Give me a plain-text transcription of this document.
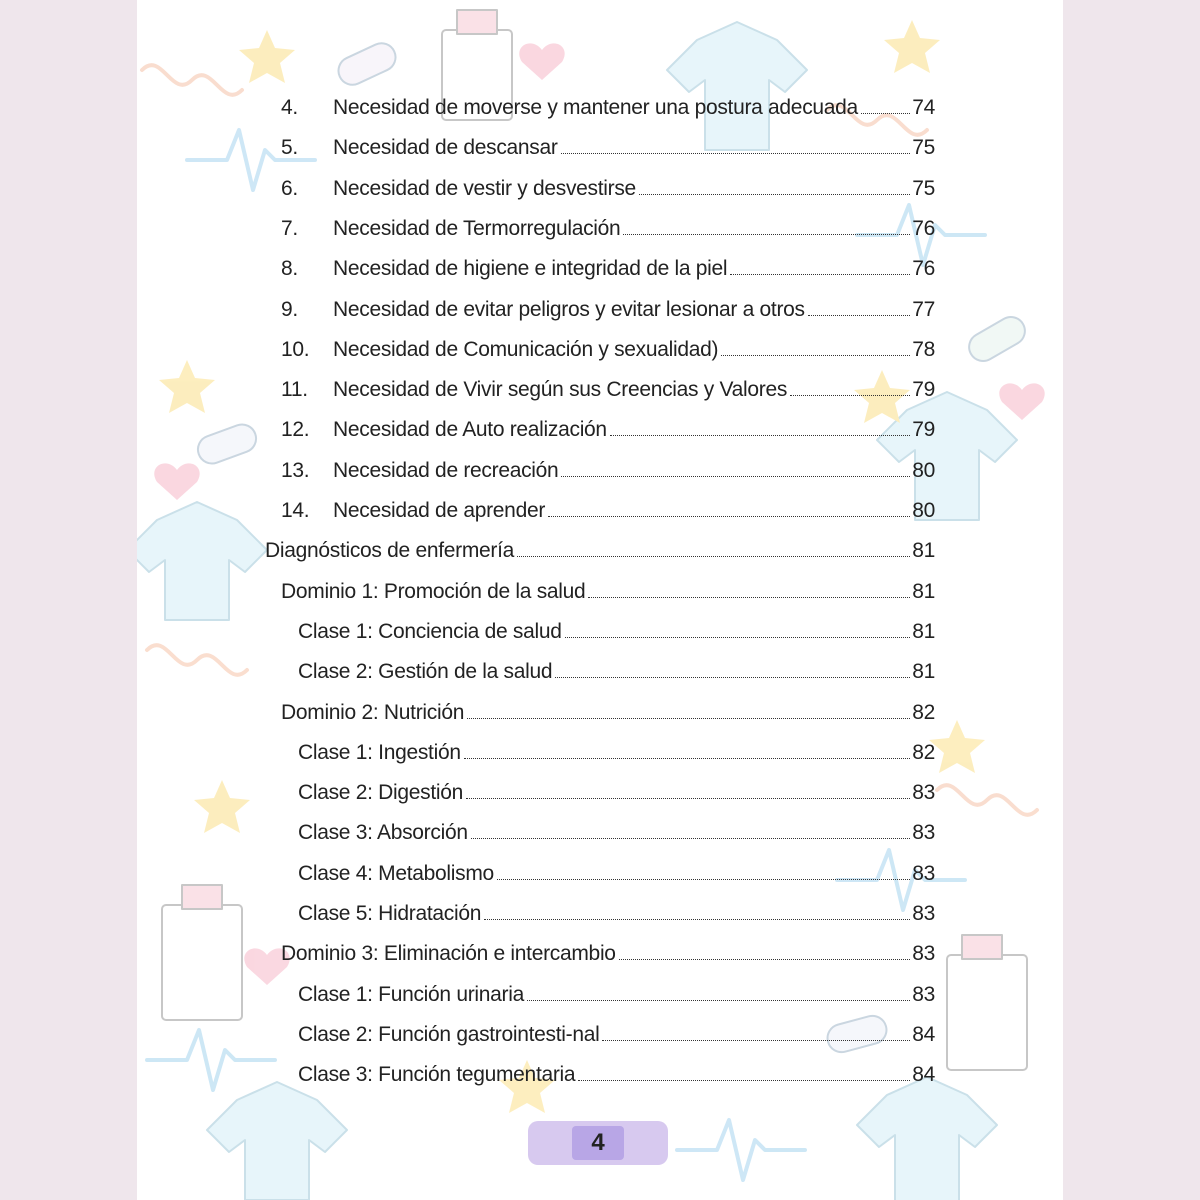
4.	Necesidad de moverse y mantener una postura adecuada	74
5.	Necesidad de descansar	75
6.	Necesidad de vestir y desvestirse	75
7.	Necesidad de Termorregulación	76
8.	Necesidad de higiene e integridad de la piel	76
9.	Necesidad de evitar peligros y evitar lesionar a otros	77
10.	Necesidad de Comunicación y sexualidad)	78
11.	Necesidad de Vivir según sus Creencias y Valores	79
12.	Necesidad de Auto realización	79
13.	Necesidad de recreación	80
14.	Necesidad de aprender	80
Diagnósticos de enfermería	81
Dominio 1: Promoción de la salud	81
Clase 1: Conciencia de salud	81
Clase 2: Gestión de la salud	81
Dominio 2: Nutrición	82
Clase 1: Ingestión	82
Clase 2: Digestión	83
Clase 3: Absorción	83
Clase 4: Metabolismo	83
Clase 5: Hidratación	83
Dominio 3: Eliminación e intercambio	83
Clase 1: Función urinaria	83
Clase 2: Función gastrointesti-nal	84
Clase 3: Función tegumentaria	84
4
